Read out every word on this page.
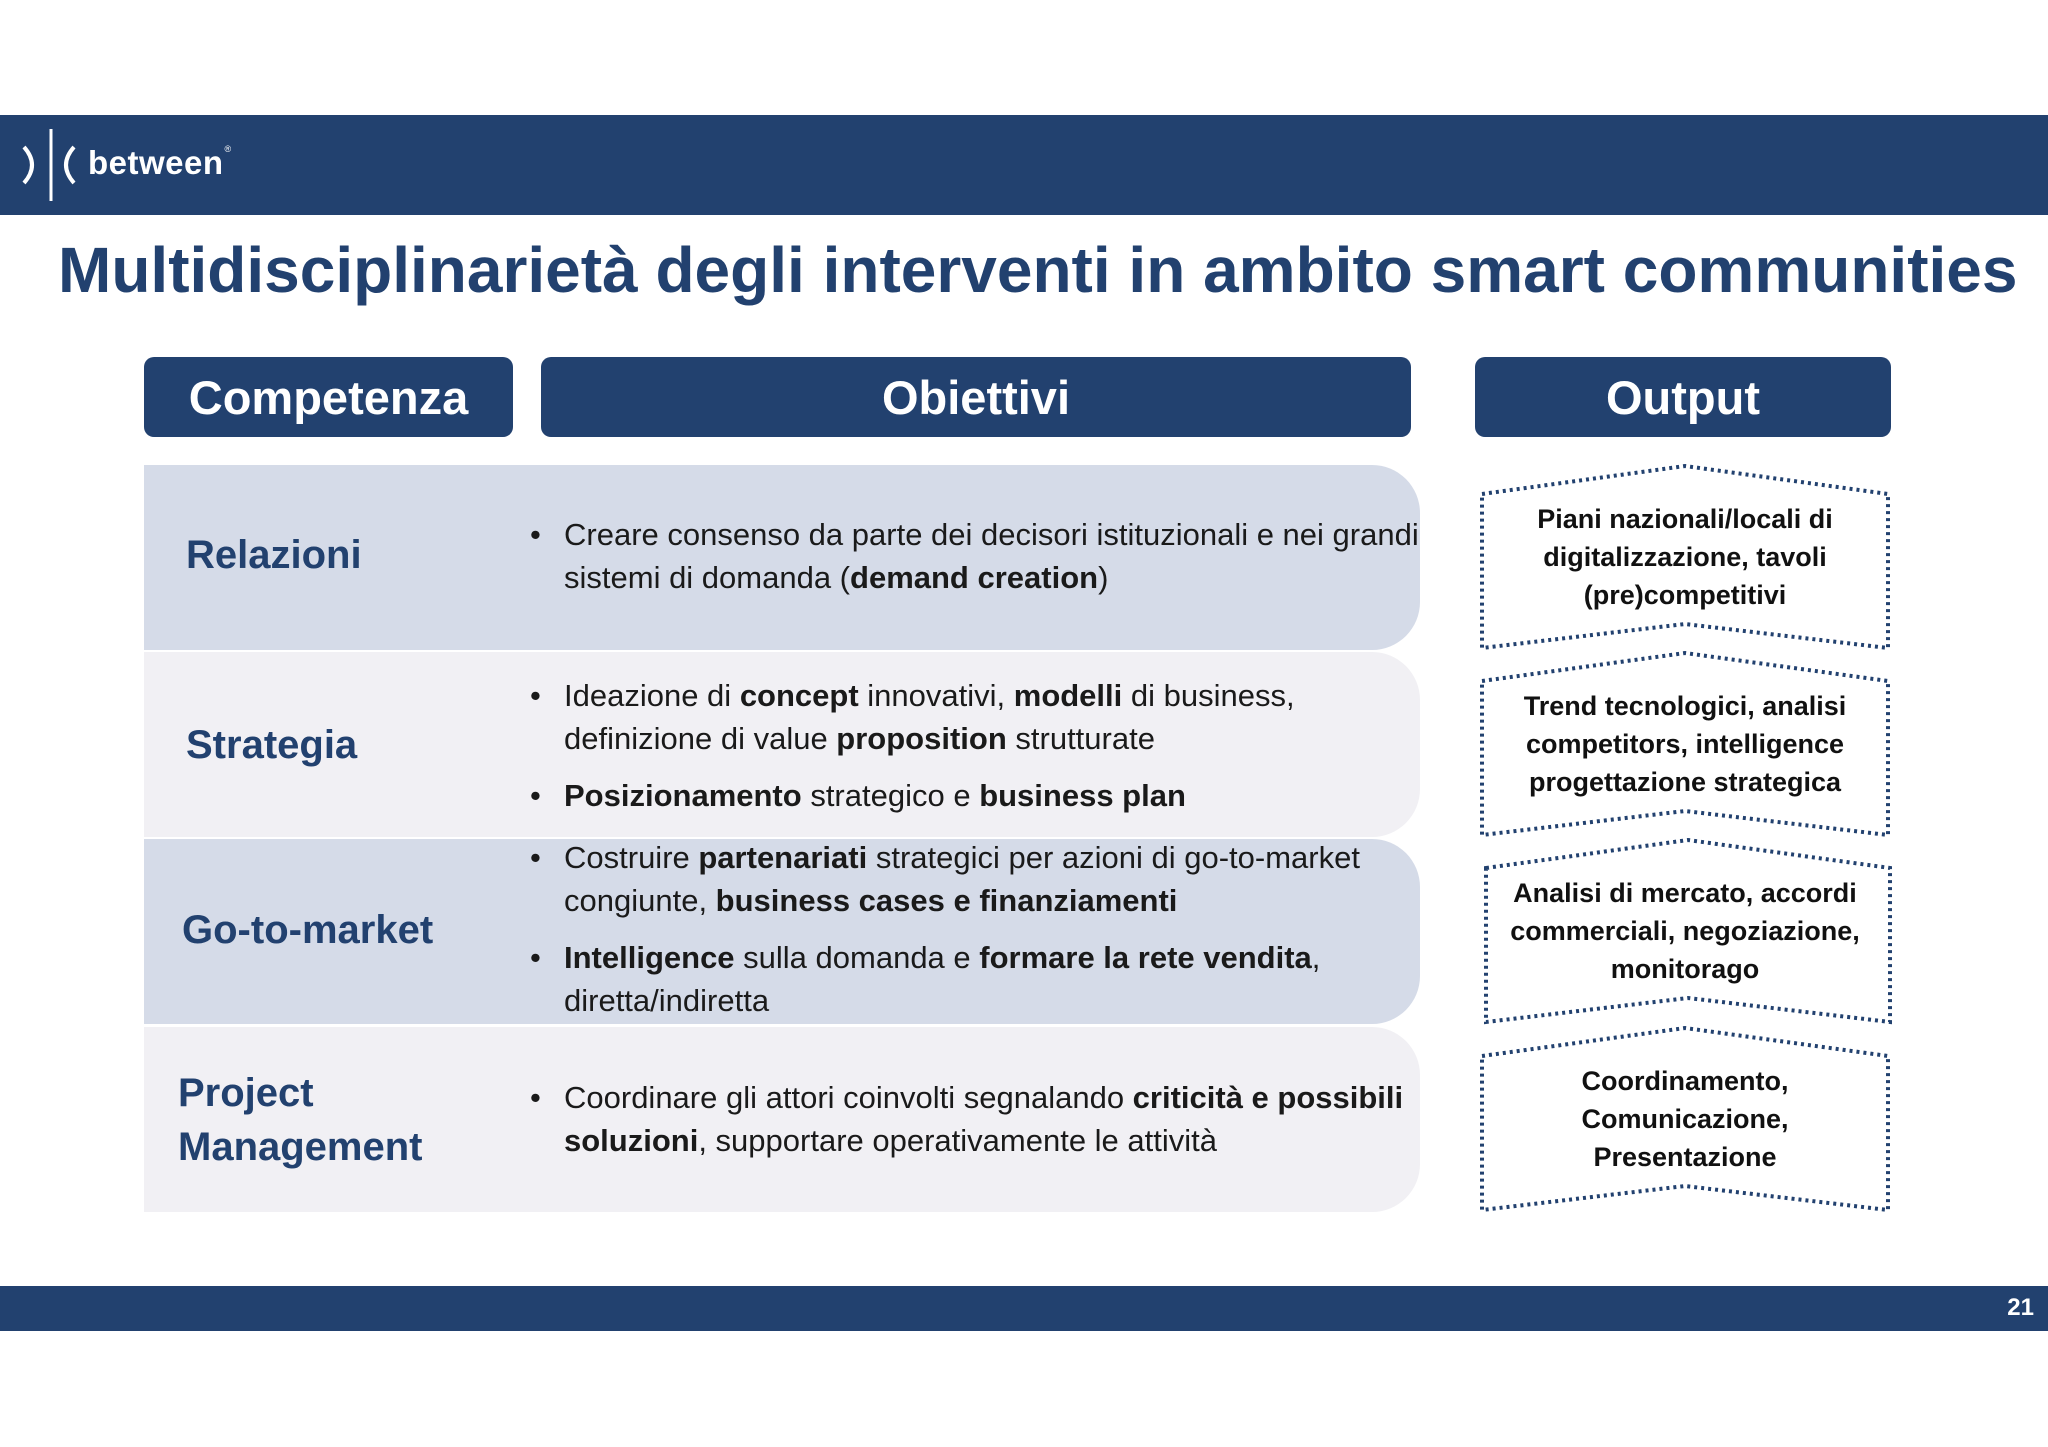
between®
Multidisciplinarietà degli interventi in ambito smart communities
Competenza	Obiettivi	Output
Relazioni
•	Creare consenso da parte dei decisori istituzionali e nei grandi sistemi di domanda (demand creation)
Piani nazionali/locali di
digitalizzazione, tavoli
(pre)competitivi
Strategia
• Ideazione di concept innovativi, modelli di business, definizione di value proposition strutturate
• Posizionamento strategico e business plan
Trend tecnologici, analisi
competitors, intelligence
progettazione strategica
Go-to-market
• Costruire partenariati strategici per azioni di go-to-market congiunte, business cases e finanziamenti
• Intelligence sulla domanda e formare la rete vendita, diretta/indiretta
Analisi di mercato, accordi
commerciali, negoziazione,
monitorago
Project
Management
• Coordinare gli attori coinvolti segnalando criticità e possibili soluzioni, supportare operativamente le attività
Coordinamento,
Comunicazione,
Presentazione
21
